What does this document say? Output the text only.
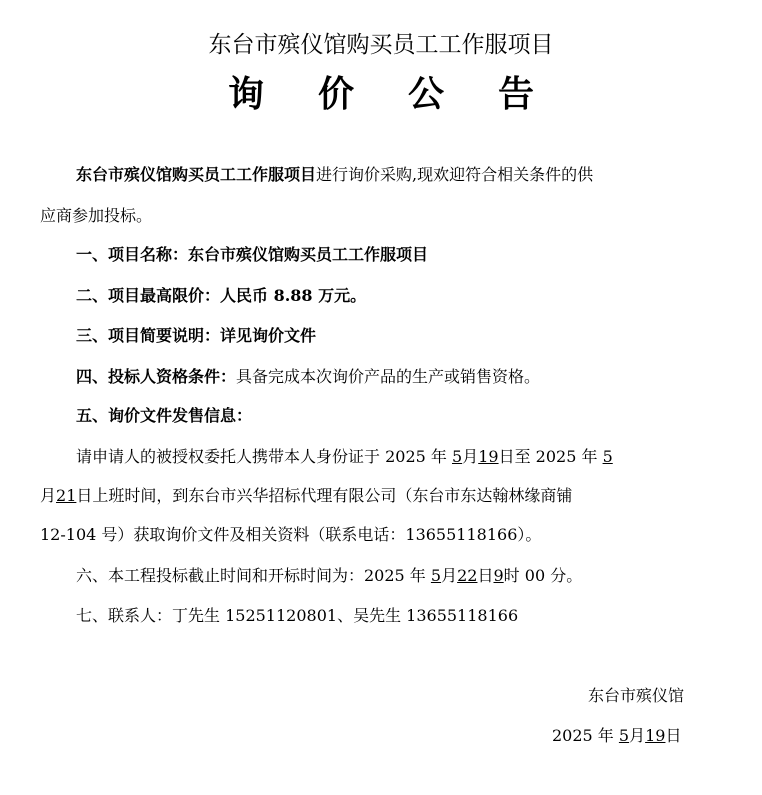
东台市殡仪馆购买员工工作服项目
询 价 公 告
东台市殡仪馆购买员工工作服项目进行询价采购,现欢迎符合相关条件的供
应商参加投标。
一、项目名称：东台市殡仪馆购买员工工作服项目
二、项目最高限价：人民币 8.88 万元。
三、项目简要说明：详见询价文件
四、投标人资格条件：具备完成本次询价产品的生产或销售资格。
五、询价文件发售信息：
请申请人的被授权委托人携带本人身份证于 2025 年 5月19日至 2025 年 5
月21日上班时间，到东台市兴华招标代理有限公司（东台市东达翰林缘商铺
12-104 号）获取询价文件及相关资料（联系电话：13655118166）。
六、本工程投标截止时间和开标时间为：2025 年 5月22日9时 00 分。
七、联系人：丁先生 15251120801、吴先生 13655118166
东台市殡仪馆
2025 年 5月19日
